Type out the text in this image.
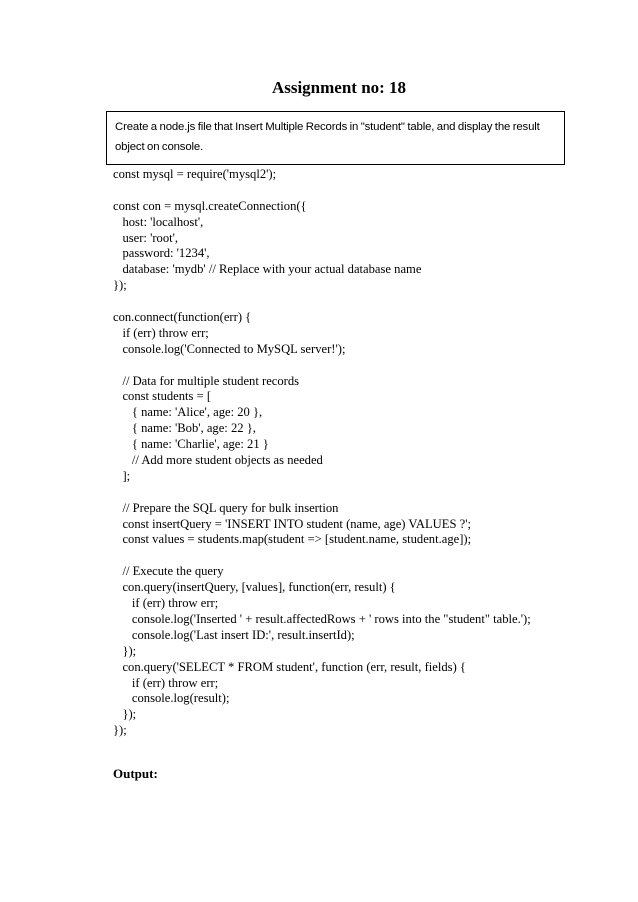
Assignment no: 18
Create a node.js file that Insert Multiple Records in "student" table, and display the result object on console.
const mysql = require('mysql2');

const con = mysql.createConnection({
host: 'localhost',
user: 'root',
password: '1234',
database: 'mydb' // Replace with your actual database name
});

con.connect(function(err) {
if (err) throw err;
console.log('Connected to MySQL server!');

// Data for multiple student records
const students = [
{ name: 'Alice', age: 20 },
{ name: 'Bob', age: 22 },
{ name: 'Charlie', age: 21 }
// Add more student objects as needed
];

// Prepare the SQL query for bulk insertion
const insertQuery = 'INSERT INTO student (name, age) VALUES ?';
const values = students.map(student => [student.name, student.age]);

// Execute the query
con.query(insertQuery, [values], function(err, result) {
if (err) throw err;
console.log('Inserted ' + result.affectedRows + ' rows into the "student" table.');
console.log('Last insert ID:', result.insertId);
});
con.query('SELECT * FROM student', function (err, result, fields) {
if (err) throw err;
console.log(result);
});
});
Output:
